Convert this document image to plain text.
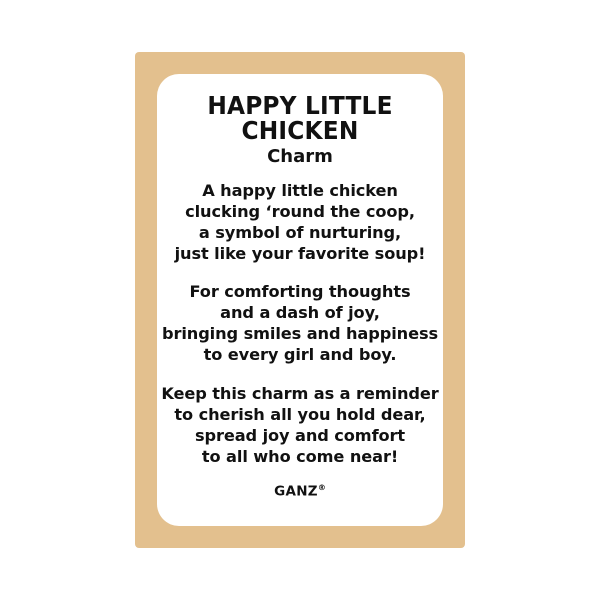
HAPPY LITTLE CHICKEN
Charm
A happy little chicken
clucking ‘round the coop,
a symbol of nurturing,
just like your favorite soup!
For comforting thoughts
and a dash of joy,
bringing smiles and happiness
to every girl and boy.
Keep this charm as a reminder
to cherish all you hold dear,
spread joy and comfort
to all who come near!
GANZ®
